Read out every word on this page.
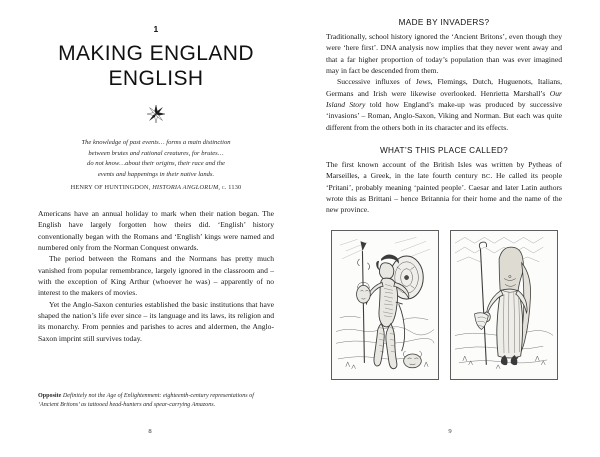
1
MAKING ENGLAND
ENGLISH

The knowledge of past events… forms a main distinction
between brutes and rational creatures, for brutes…
do not know…about their origins, their race and the
events and happenings in their native lands.

HENRY OF HUNTINGDON, HISTORIA ANGLORUM, c. 1130

Americans have an annual holiday to mark when their nation began. The English have largely forgotten how theirs did. ‘English’ history conventionally began with the Romans and ‘English’ kings were named and numbered only from the Norman Conquest onwards.

The period between the Romans and the Normans has pretty much vanished from popular remembrance, largely ignored in the classroom and – with the exception of King Arthur (whoever he was) – apparently of no interest to the makers of movies.

Yet the Anglo-Saxon centuries established the basic institutions that have shaped the nation’s life ever since – its language and its laws, its religion and its monarchy. From pennies and parishes to acres and aldermen, the Anglo-Saxon imprint still survives today.

Opposite Definitely not the Age of Enlightenment: eighteenth-century representations of ‘Ancient Britons’ as tattooed head-hunters and spear-carrying Amazons.
8
MADE BY INVADERS?

Traditionally, school history ignored the ‘Ancient Britons’, even though they were ‘here first’. DNA analysis now implies that they never went away and that a far higher proportion of today’s population than was ever imagined may in fact be descended from them.

Successive influxes of Jews, Flemings, Dutch, Huguenots, Italians, Germans and Irish were likewise overlooked. Henrietta Marshall’s Our Island Story told how England’s make-up was produced by successive ‘invasions’ – Roman, Anglo-Saxon, Viking and Norman. But each was quite different from the others both in its character and its effects.

WHAT’S THIS PLACE CALLED?

The first known account of the British Isles was written by Pytheas of Marseilles, a Greek, in the late fourth century BC. He called its people ‘Pritani’, probably meaning ‘painted people’. Caesar and later Latin authors wrote this as Brittani – hence Britannia for their home and the name of the new province.

9
